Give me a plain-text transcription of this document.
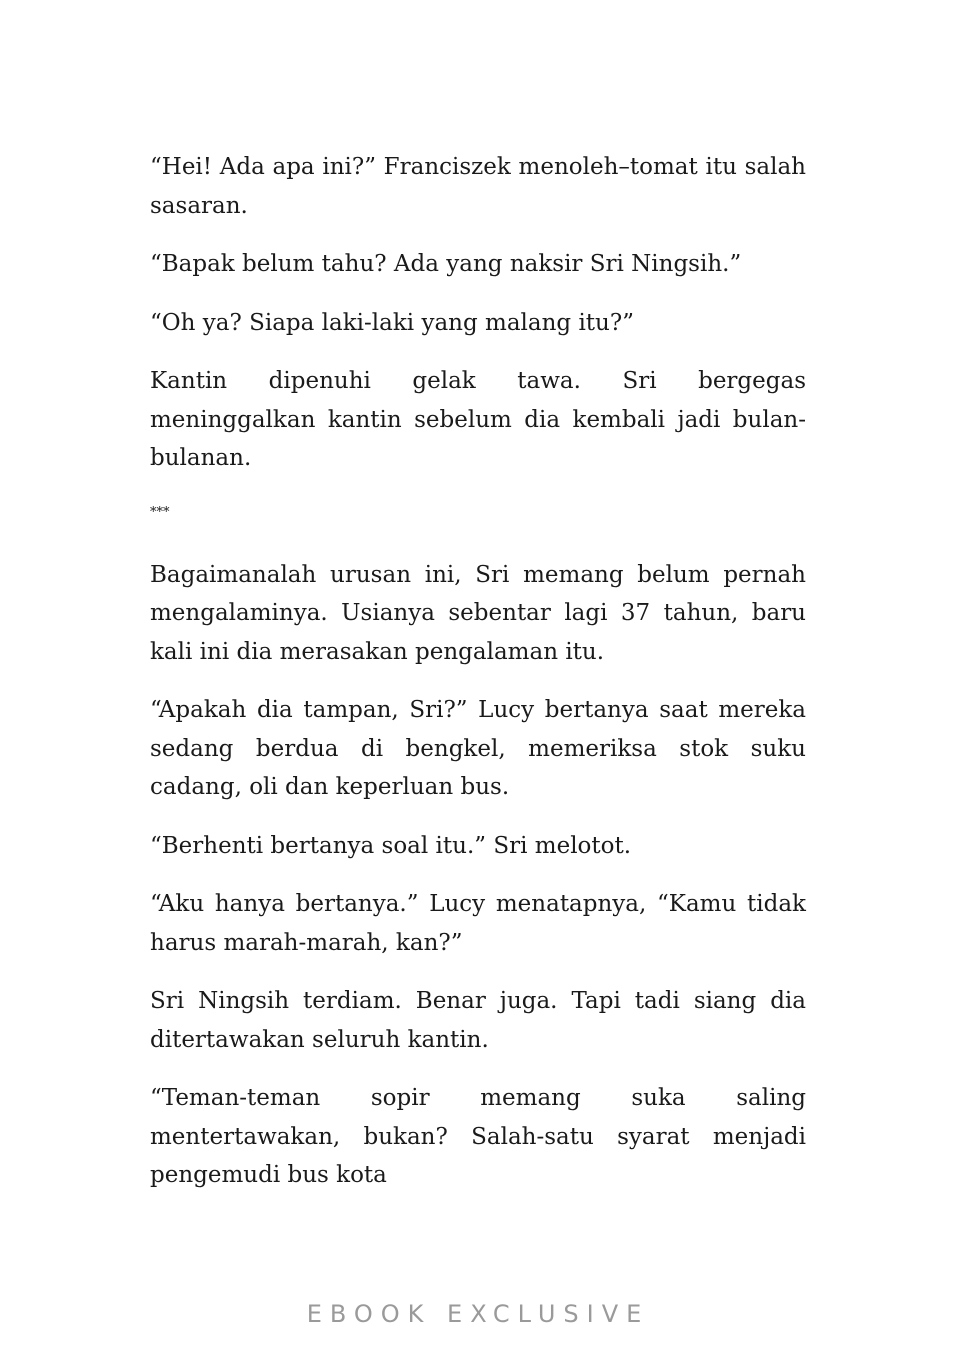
“Hei! Ada apa ini?” Franciszek menoleh–tomat itu salah sasaran.

“Bapak belum tahu? Ada yang naksir Sri Ningsih.”

“Oh ya? Siapa laki-laki yang malang itu?”

Kantin dipenuhi gelak tawa. Sri bergegas meninggalkan kantin sebelum dia kembali jadi bulan-bulanan.

***

Bagaimanalah urusan ini, Sri memang belum pernah mengalaminya. Usianya sebentar lagi 37 tahun, baru kali ini dia merasakan pengalaman itu.

“Apakah dia tampan, Sri?” Lucy bertanya saat mereka sedang berdua di bengkel, memeriksa stok suku cadang, oli dan keperluan bus.

“Berhenti bertanya soal itu.” Sri melotot.

“Aku hanya bertanya.” Lucy menatapnya, “Kamu tidak harus marah-marah, kan?”

Sri Ningsih terdiam. Benar juga. Tapi tadi siang dia ditertawakan seluruh kantin.

“Teman-teman sopir memang suka saling mentertawakan, bukan? Salah-satu syarat menjadi pengemudi bus kota

EBOOK EXCLUSIVE
